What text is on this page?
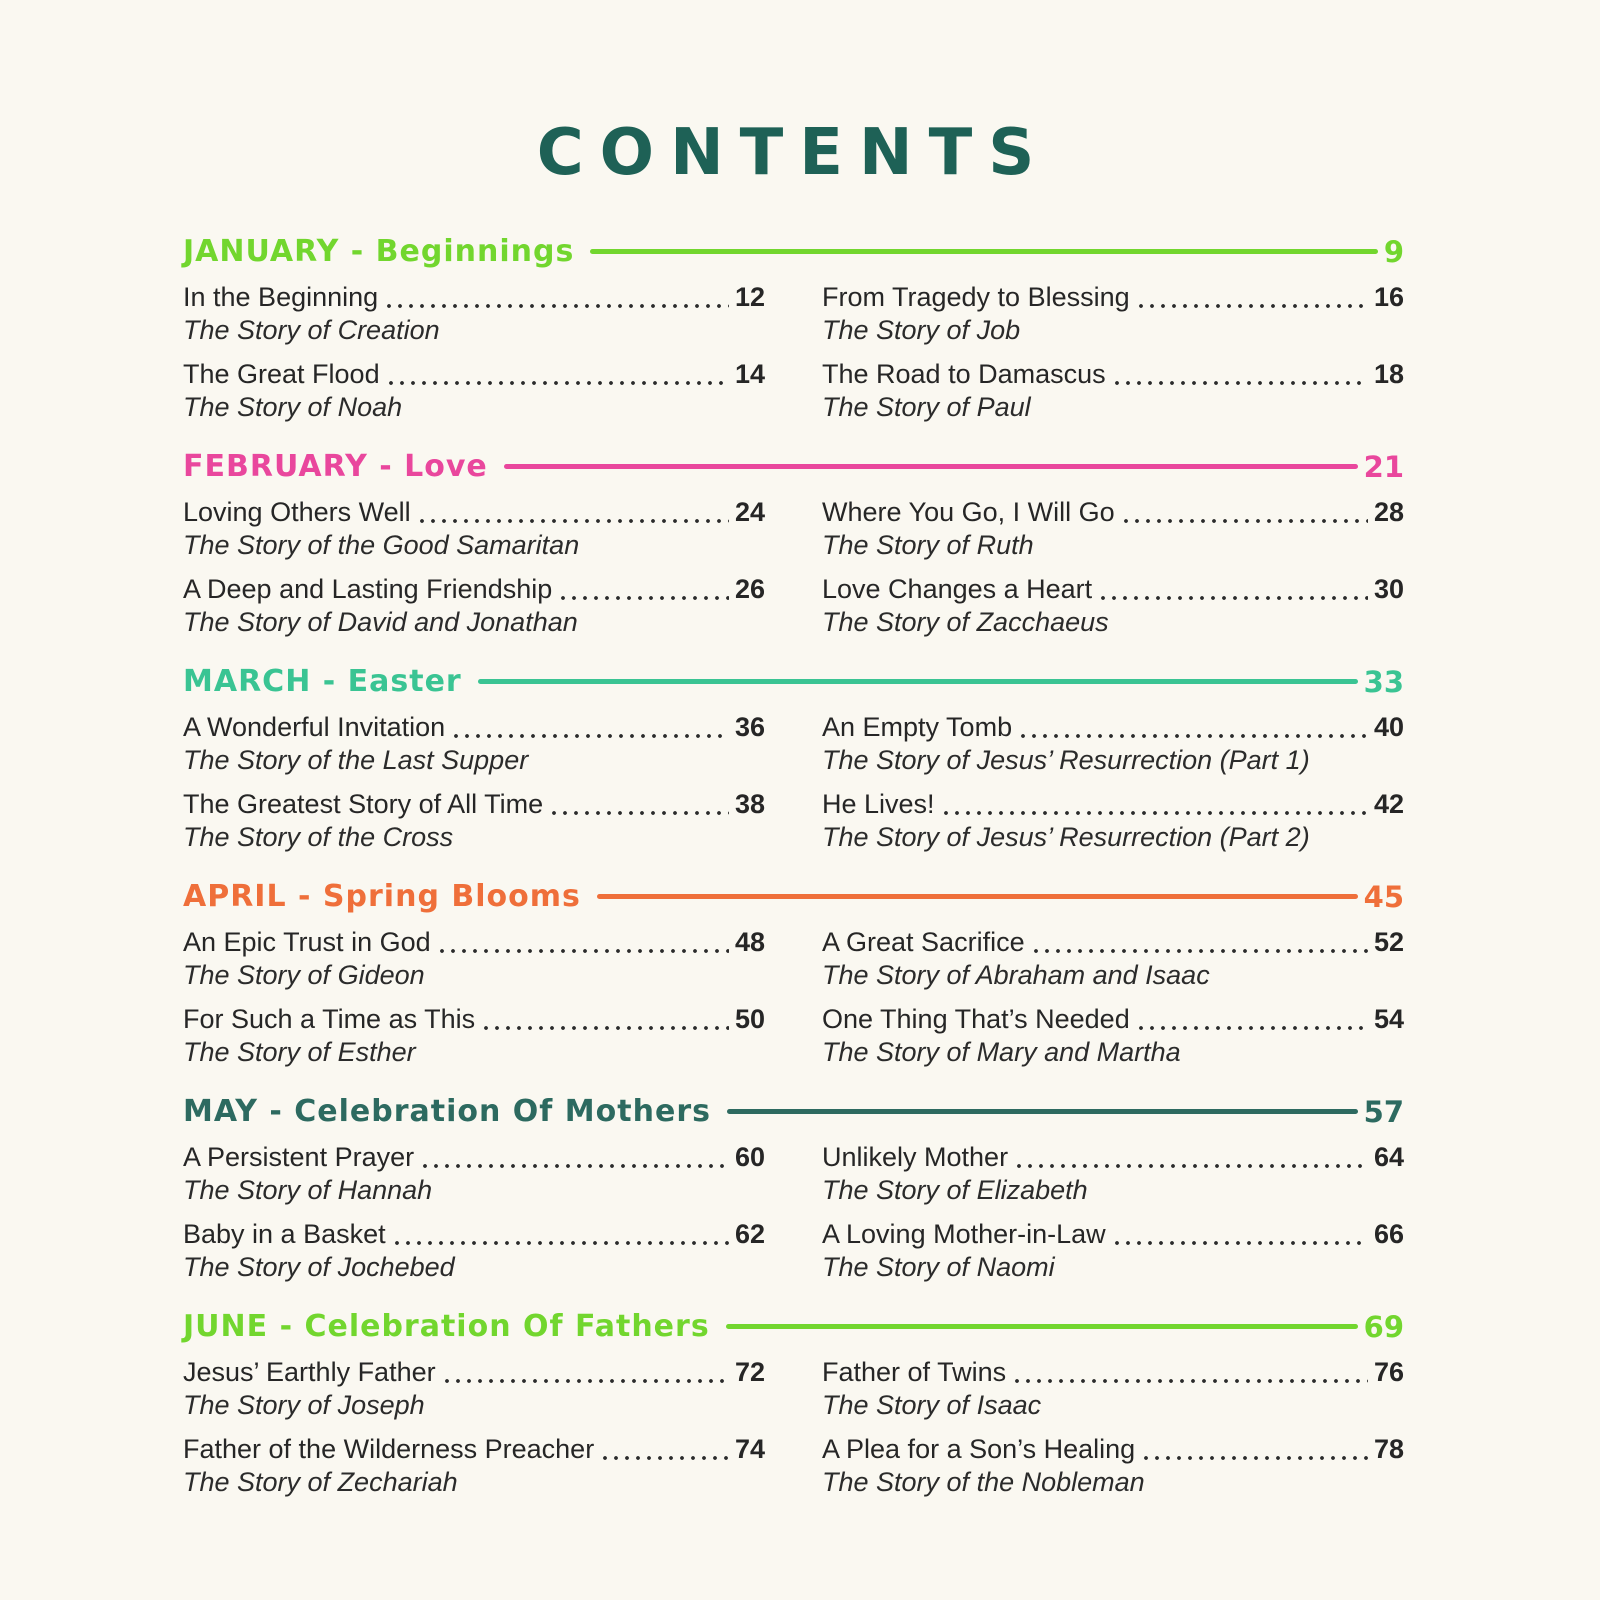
CONTENTS
JANUARY - Beginnings	9
In the Beginning	12
The Story of Creation
The Great Flood	14
The Story of Noah
From Tragedy to Blessing	16
The Story of Job
The Road to Damascus	18
The Story of Paul
FEBRUARY - Love	21
Loving Others Well	24
The Story of the Good Samaritan
A Deep and Lasting Friendship	26
The Story of David and Jonathan
Where You Go, I Will Go	28
The Story of Ruth
Love Changes a Heart	30
The Story of Zacchaeus
MARCH - Easter	33
A Wonderful Invitation	36
The Story of the Last Supper
The Greatest Story of All Time	38
The Story of the Cross
An Empty Tomb	40
The Story of Jesus’ Resurrection (Part 1)
He Lives!	42
The Story of Jesus’ Resurrection (Part 2)
APRIL - Spring Blooms	45
An Epic Trust in God	48
The Story of Gideon
For Such a Time as This	50
The Story of Esther
A Great Sacrifice	52
The Story of Abraham and Isaac
One Thing That’s Needed	54
The Story of Mary and Martha
MAY - Celebration Of Mothers	57
A Persistent Prayer	60
The Story of Hannah
Baby in a Basket	62
The Story of Jochebed
Unlikely Mother	64
The Story of Elizabeth
A Loving Mother-in-Law	66
The Story of Naomi
JUNE - Celebration Of Fathers	69
Jesus’ Earthly Father	72
The Story of Joseph
Father of the Wilderness Preacher	74
The Story of Zechariah
Father of Twins	76
The Story of Isaac
A Plea for a Son’s Healing	78
The Story of the Nobleman
